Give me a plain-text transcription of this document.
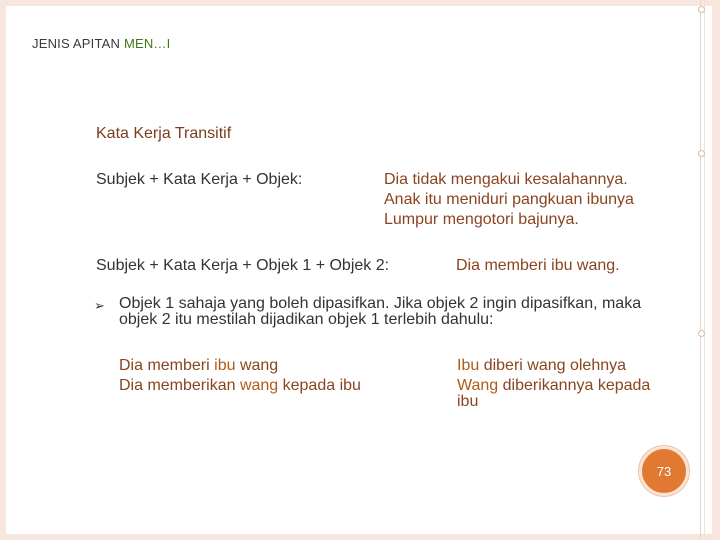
JENIS APITAN MEN…I
Kata Kerja Transitif
Subjek + Kata Kerja + Objek:	Dia tidak mengakui kesalahannya.
Anak itu meniduri pangkuan ibunya
Lumpur mengotori bajunya.
Subjek + Kata Kerja + Objek 1 + Objek 2:	Dia memberi ibu wang.
➢ Objek 1 sahaja yang boleh dipasifkan. Jika objek 2 ingin dipasifkan, maka objek 2 itu mestilah dijadikan objek 1 terlebih dahulu:
Dia memberi ibu wang
Dia memberikan wang kepada ibu
Ibu diberi wang olehnya
Wang diberikannya kepada
ibu
73
